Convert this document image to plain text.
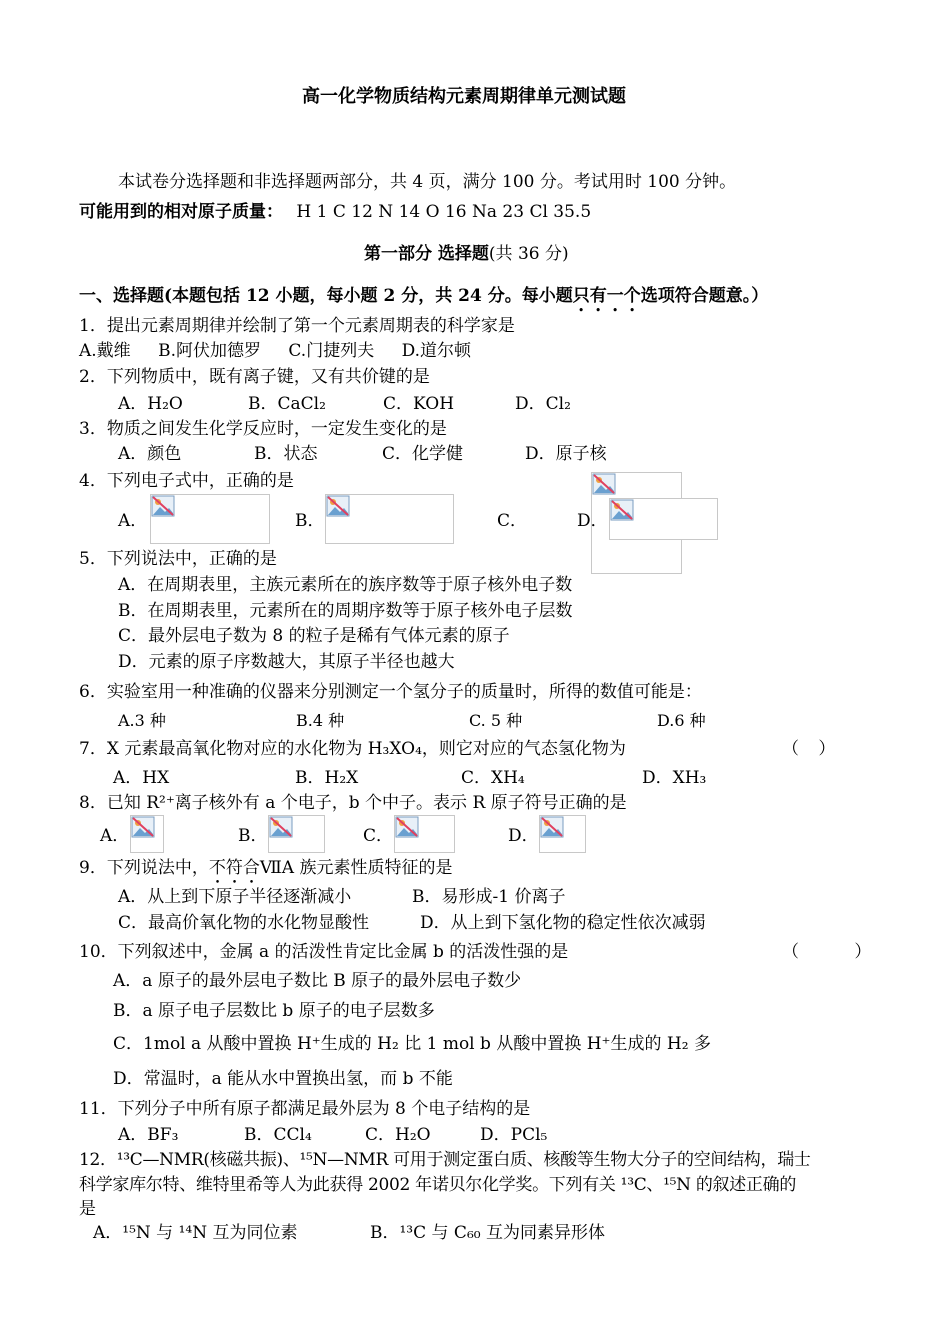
高一化学物质结构元素周期律单元测试题
本试卷分选择题和非选择题两部分，共 4 页，满分 100 分。考试用时 100 分钟。
可能用到的相对原子质量： H 1 C 12 N 14 O 16 Na 23 Cl 35.5
第一部分 选择题(共 36 分)
一、选择题(本题包括 12 小题，每小题 2 分，共 24 分。每小题只有一个选项符合题意。）
1．提出元素周期律并绘制了第一个元素周期表的科学家是
A.戴维 B.阿伏加德罗 C.门捷列夫 D.道尔顿
2．下列物质中，既有离子键，又有共价键的是
A．H₂O	B．CaCl₂	C．KOH	D．Cl₂
3．物质之间发生化学反应时，一定发生变化的是
A．颜色	B．状态	C．化学健	D．原子核
4．下列电子式中，正确的是
A．	B．	C．	D．
5．下列说法中，正确的是
A．在周期表里，主族元素所在的族序数等于原子核外电子数
B．在周期表里，元素所在的周期序数等于原子核外电子层数
C．最外层电子数为 8 的粒子是稀有气体元素的原子
D．元素的原子序数越大，其原子半径也越大
6．实验室用一种准确的仪器来分别测定一个氢分子的质量时，所得的数值可能是：
A.3 种	B.4 种	C. 5 种	D.6 种
7．X 元素最高氧化物对应的水化物为 H₃XO₄，则它对应的气态氢化物为	（ ）
A．HX	B．H₂X	C．XH₄	D．XH₃
8．已知 R²⁺离子核外有 a 个电子，b 个中子。表示 R 原子符号正确的是
A．	B．	C．	D．
9．下列说法中，不符合ⅦA 族元素性质特征的是
A．从上到下原子半径逐渐减小	B．易形成-1 价离子
C．最高价氧化物的水化物显酸性	D．从上到下氢化物的稳定性依次减弱
10．下列叙述中，金属 a 的活泼性肯定比金属 b 的活泼性强的是	（ ）
A．a 原子的最外层电子数比 B 原子的最外层电子数少
B．a 原子电子层数比 b 原子的电子层数多
C．1mol a 从酸中置换 H⁺生成的 H₂ 比 1 mol b 从酸中置换 H⁺生成的 H₂ 多
D．常温时，a 能从水中置换出氢，而 b 不能
11．下列分子中所有原子都满足最外层为 8 个电子结构的是
A．BF₃	B．CCl₄	C．H₂O	D．PCl₅
12．¹³C—NMR(核磁共振)、¹⁵N—NMR 可用于测定蛋白质、核酸等生物大分子的空间结构，瑞士
科学家库尔特、维特里希等人为此获得 2002 年诺贝尔化学奖。下列有关 ¹³C、¹⁵N 的叙述正确的
是
A．¹⁵N 与 ¹⁴N 互为同位素	B．¹³C 与 C₆₀ 互为同素异形体
